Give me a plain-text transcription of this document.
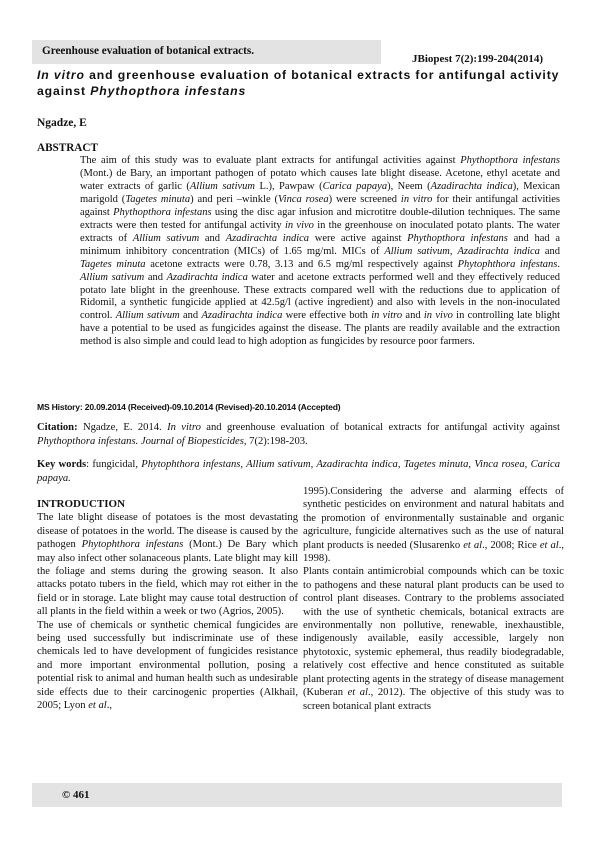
Greenhouse evaluation of botanical extracts.
JBiopest 7(2):199-204(2014)
In vitro and greenhouse evaluation of botanical extracts for antifungal activity against Phythopthora infestans
Ngadze, E
ABSTRACT

The aim of this study was to evaluate plant extracts for antifungal activities against Phythopthora infestans (Mont.) de Bary, an important pathogen of potato which causes late blight disease. Acetone, ethyl acetate and water extracts of garlic (Allium sativum L.), Pawpaw (Carica papaya), Neem (Azadirachta indica), Mexican marigold (Tagetes minuta) and peri –winkle (Vinca rosea) were screened in vitro for their antifungal activities against Phythopthora infestans using the disc agar infusion and microtitre double-dilution techniques. The same extracts were then tested for antifungal activity in vivo in the greenhouse on inoculated potato plants. The water extracts of Allium sativum and Azadirachta indica were active against Phythopthora infestans and had a minimum inhibitory concentration (MICs) of 1.65 mg/ml. MICs of Allium sativum, Azadirachta indica and Tagetes minuta acetone extracts were 0.78, 3.13 and 6.5 mg/ml respectively against Phytophthora infestans. Allium sativum and Azadirachta indica water and acetone extracts performed well and they effectively reduced potato late blight in the greenhouse. These extracts compared well with the reductions due to application of Ridomil, a synthetic fungicide applied at 42.5g/l (active ingredient) and also with levels in the non-inoculated control. Allium sativum and Azadirachta indica were effective both in vitro and in vivo in controlling late blight have a potential to be used as fungicides against the disease. The plants are readily available and the extraction method is also simple and could lead to high adoption as fungicides by resource poor farmers.

MS History: 20.09.2014 (Received)-09.10.2014 (Revised)-20.10.2014 (Accepted)

Citation: Ngadze, E. 2014. In vitro and greenhouse evaluation of botanical extracts for antifungal activity against Phythopthora infestans. Journal of Biopesticides, 7(2):198-203.

Key words: fungicidal, Phytophthora infestans, Allium sativum, Azadirachta indica, Tagetes minuta, Vinca rosea, Carica papaya.

INTRODUCTION

The late blight disease of potatoes is the most devastating disease of potatoes in the world. The disease is caused by the pathogen Phytophthora infestans (Mont.) De Bary which may also infect other solanaceous plants. Late blight may kill the foliage and stems during the growing season. It also attacks potato tubers in the field, which may rot either in the field or in storage. Late blight may cause total destruction of all plants in the field within a week or two (Agrios, 2005).

The use of chemicals or synthetic chemical fungicides are being used successfully but indiscriminate use of these chemicals led to have development of fungicides resistance and more important environmental pollution, posing a potential risk to animal and human health such as undesirable side effects due to their carcinogenic properties (Alkhail, 2005; Lyon et al.,

1995).Considering the adverse and alarming effects of synthetic pesticides on environment and natural habitats and the promotion of environmentally sustainable and organic agriculture, fungicide alternatives such as the use of natural plant products is needed (Slusarenko et al., 2008; Rice et al., 1998).

Plants contain antimicrobial compounds which can be toxic to pathogens and these natural plant products can be used to control plant diseases. Contrary to the problems associated with the use of synthetic chemicals, botanical extracts are environmentally non pollutive, renewable, inexhaustible, indigenously available, easily accessible, largely non phytotoxic, systemic ephemeral, thus readily biodegradable, relatively cost effective and hence constituted as suitable plant protecting agents in the strategy of disease management (Kuberan et al., 2012). The objective of this study was to screen botanical plant extracts

© 461
